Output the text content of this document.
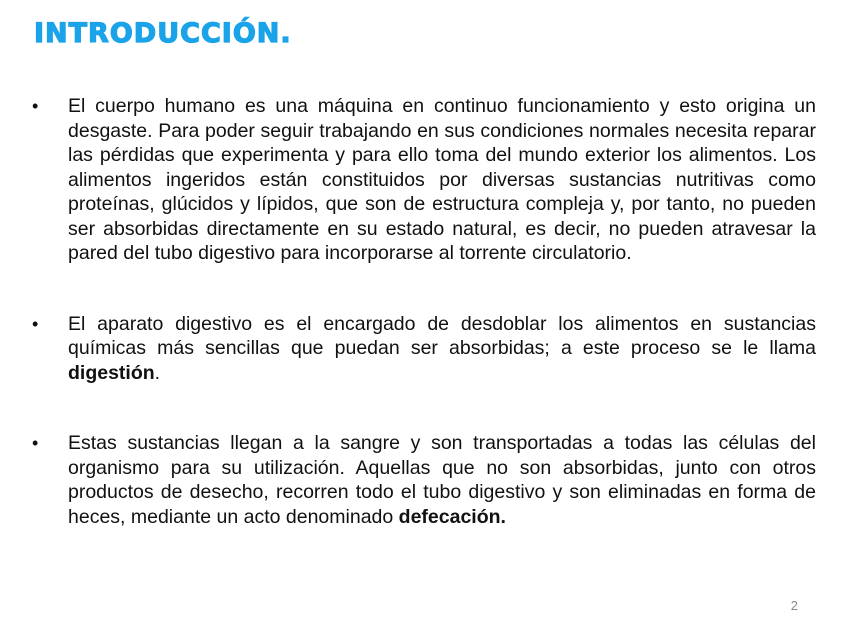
INTRODUCCIÓN.
• El cuerpo humano es una máquina en continuo funcionamiento y esto origina un desgaste. Para poder seguir trabajando en sus condiciones normales necesita reparar las pérdidas que experimenta y para ello toma del mundo exterior los alimentos. Los alimentos ingeridos están constituidos por diversas sustancias nutritivas como proteínas, glúcidos y lípidos, que son de estructura compleja y, por tanto, no pueden ser absorbidas directamente en su estado natural, es decir, no pueden atravesar la pared del tubo digestivo para incorporarse al torrente circulatorio.
• El aparato digestivo es el encargado de desdoblar los alimentos en sustancias químicas más sencillas que puedan ser absorbidas; a este proceso se le llama digestión.
• Estas sustancias llegan a la sangre y son transportadas a todas las células del organismo para su utilización. Aquellas que no son absorbidas, junto con otros productos de desecho, recorren todo el tubo digestivo y son eliminadas en forma de heces, mediante un acto denominado defecación.
2
